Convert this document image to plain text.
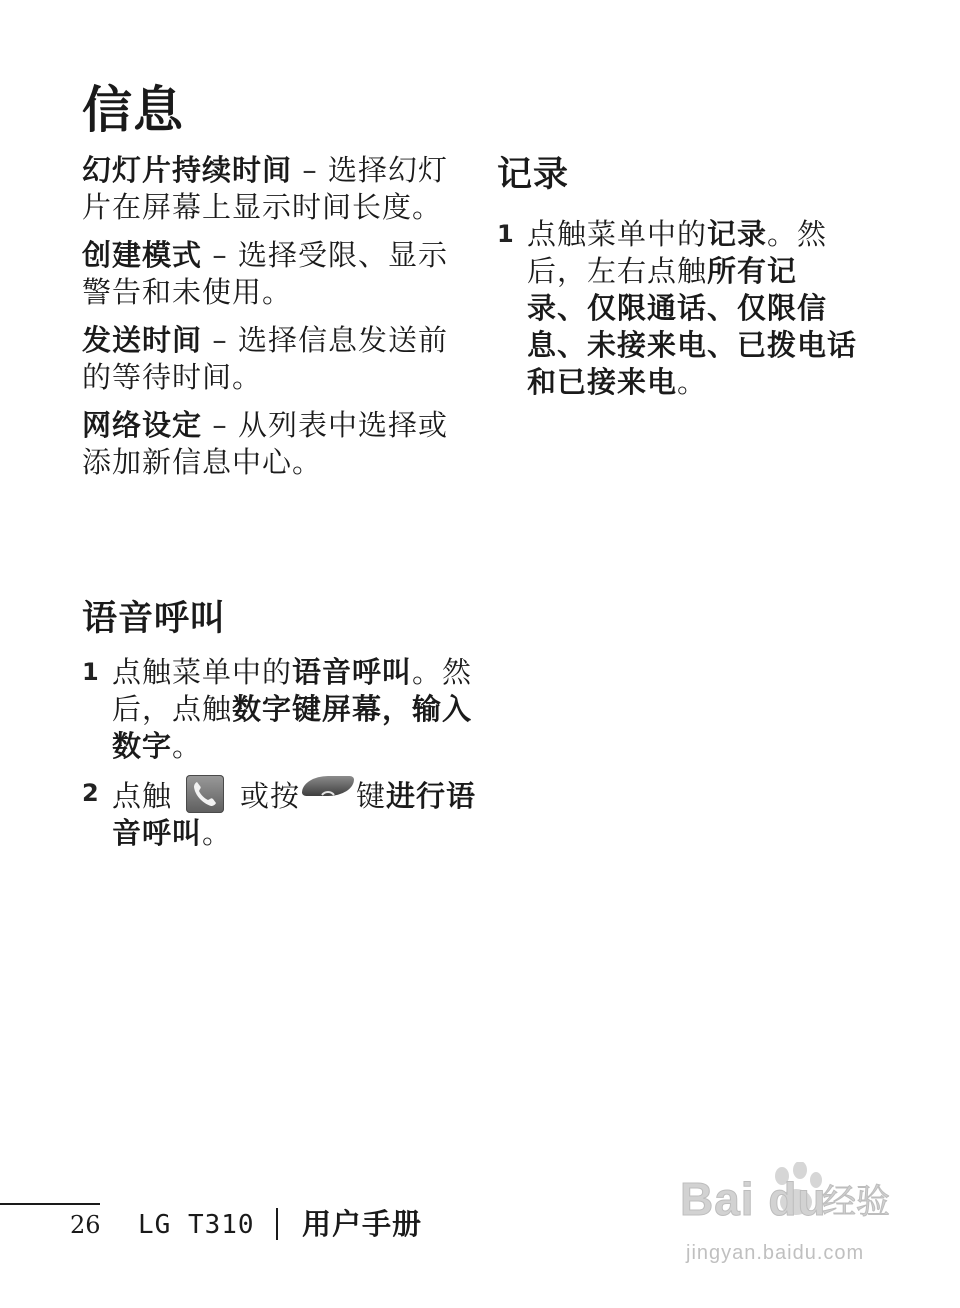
信息

幻灯片持续时间 – 选择幻灯片在屏幕上显示时间长度。

创建模式 – 选择受限、显示警告和未使用。

发送时间 – 选择信息发送前的等待时间。

网络设定 – 从列表中选择或添加新信息中心。

语音呼叫
1 点触菜单中的语音呼叫。然后，点触数字键屏幕，输入数字。
2 点触 或按 键进行语音呼叫。
记录
1 点触菜单中的记录。然后，左右点触所有记录、仅限通话、仅限信息、未接来电、已拨电话和已接来电。
26 LG T310 用户手册	Bai du
经验
jingyan.baidu.com
